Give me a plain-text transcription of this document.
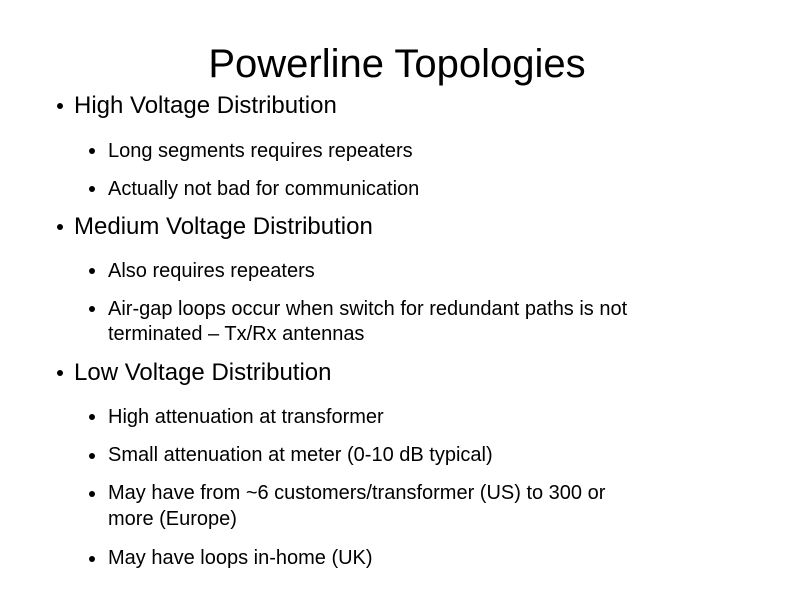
Powerline Topologies
High Voltage Distribution
Long segments requires repeaters
Actually not bad for communication
Medium Voltage Distribution
Also requires repeaters
Air-gap loops occur when switch for redundant paths is not
terminated – Tx/Rx antennas
Low Voltage Distribution
High attenuation at transformer
Small attenuation at meter (0-10 dB typical)
May have from ~6 customers/transformer (US) to 300 or
more (Europe)
May have loops in-home (UK)
